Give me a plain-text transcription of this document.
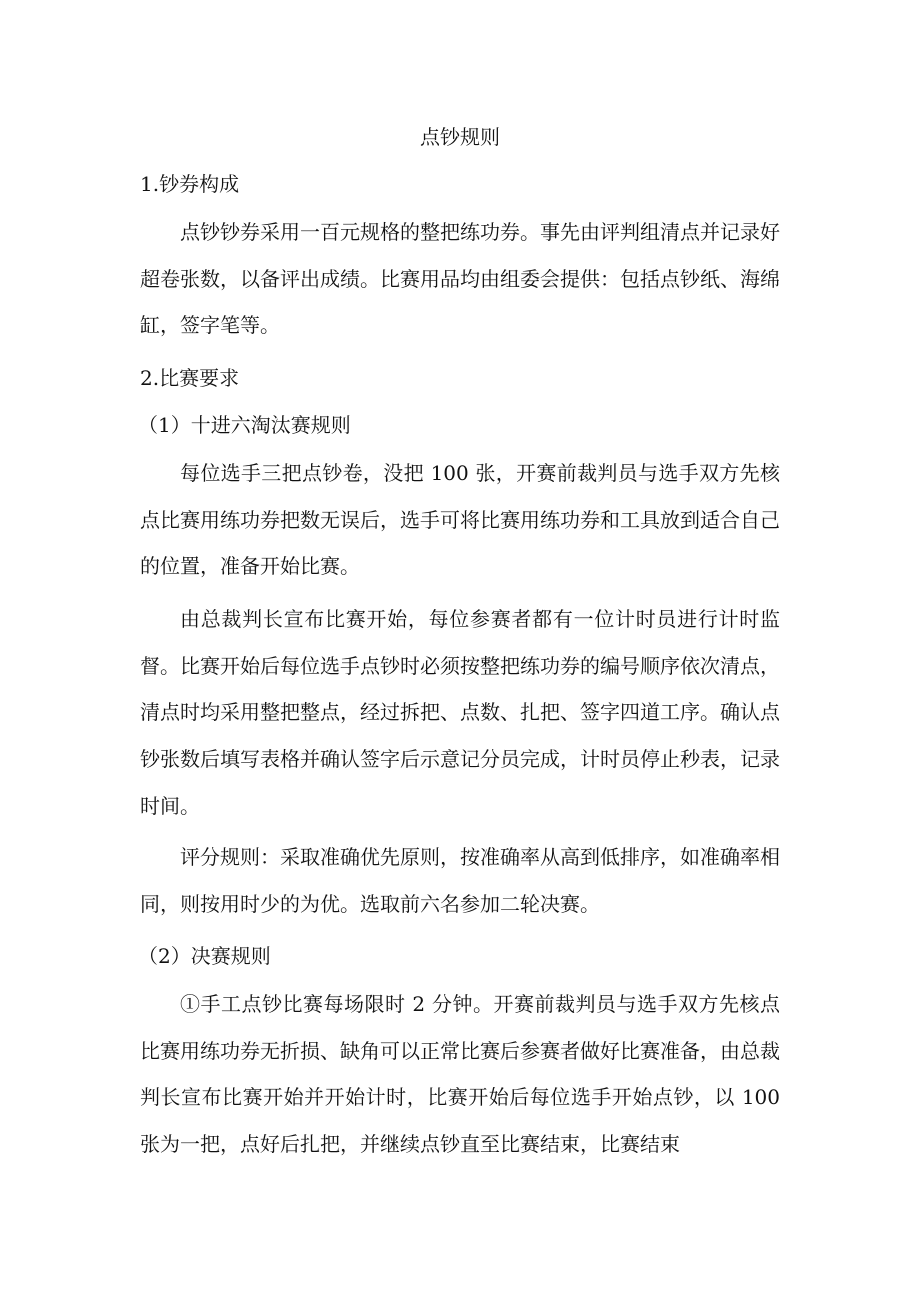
点钞规则
1.钞券构成

点钞钞券采用一百元规格的整把练功券。事先由评判组清点并记录好超卷张数，以备评出成绩。比赛用品均由组委会提供：包括点钞纸、海绵缸，签字笔等。

2.比赛要求
（1）十进六淘汰赛规则

每位选手三把点钞卷，没把 100 张，开赛前裁判员与选手双方先核点比赛用练功券把数无误后，选手可将比赛用练功券和工具放到适合自己的位置，准备开始比赛。

由总裁判长宣布比赛开始，每位参赛者都有一位计时员进行计时监督。比赛开始后每位选手点钞时必须按整把练功券的编号顺序依次清点，清点时均采用整把整点，经过拆把、点数、扎把、签字四道工序。确认点钞张数后填写表格并确认签字后示意记分员完成，计时员停止秒表，记录时间。

评分规则：采取准确优先原则，按准确率从高到低排序，如准确率相同，则按用时少的为优。选取前六名参加二轮决赛。

（2）决赛规则

①手工点钞比赛每场限时 2 分钟。开赛前裁判员与选手双方先核点比赛用练功券无折损、缺角可以正常比赛后参赛者做好比赛准备，由总裁判长宣布比赛开始并开始计时，比赛开始后每位选手开始点钞，以 100 张为一把，点好后扎把，并继续点钞直至比赛结束，比赛结束
